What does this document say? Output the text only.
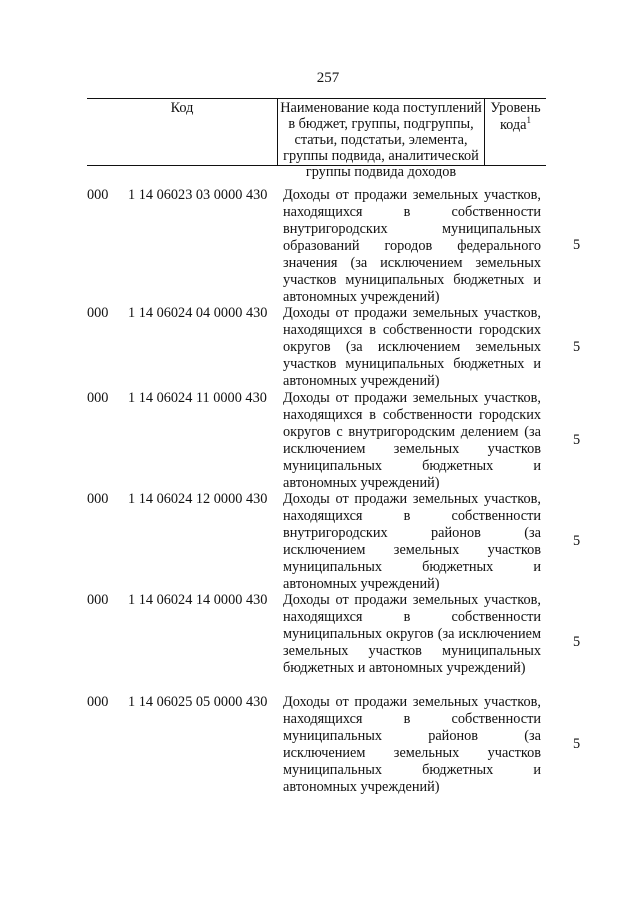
257
Код	Наименование кода поступлений в бюджет, группы, подгруппы, статьи, подстатьи, элемента, группы подвида, аналитической группы подвида доходов
Уровень кода$^1$
000 1 14 06023 03 0000 430 Доходы от продажи земельных участков, находящихся в собственности внутригородских муниципальных образований городов федерального значения (за исключением земельных участков муниципальных бюджетных и автономных учреждений)
5
000 1 14 06024 04 0000 430 Доходы от продажи земельных участков, находящихся в собственности городских округов (за исключением земельных участков муниципальных бюджетных и автономных учреждений)
5
000 1 14 06024 11 0000 430 Доходы от продажи земельных участков, находящихся в собственности городских округов с внутригородским делением (за исключением земельных участков муниципальных бюджетных и автономных учреждений)
5
000 1 14 06024 12 0000 430 Доходы от продажи земельных участков, находящихся в собственности внутригородских районов (за исключением земельных участков муниципальных бюджетных и автономных учреждений)
5
000 1 14 06024 14 0000 430 Доходы от продажи земельных участков, находящихся в собственности муниципальных округов (за исключением земельных участков муниципальных бюджетных и автономных учреждений)
5
000 1 14 06025 05 0000 430 Доходы от продажи земельных участков, находящихся в собственности муниципальных районов (за исключением земельных участков муниципальных бюджетных и автономных учреждений)
5
